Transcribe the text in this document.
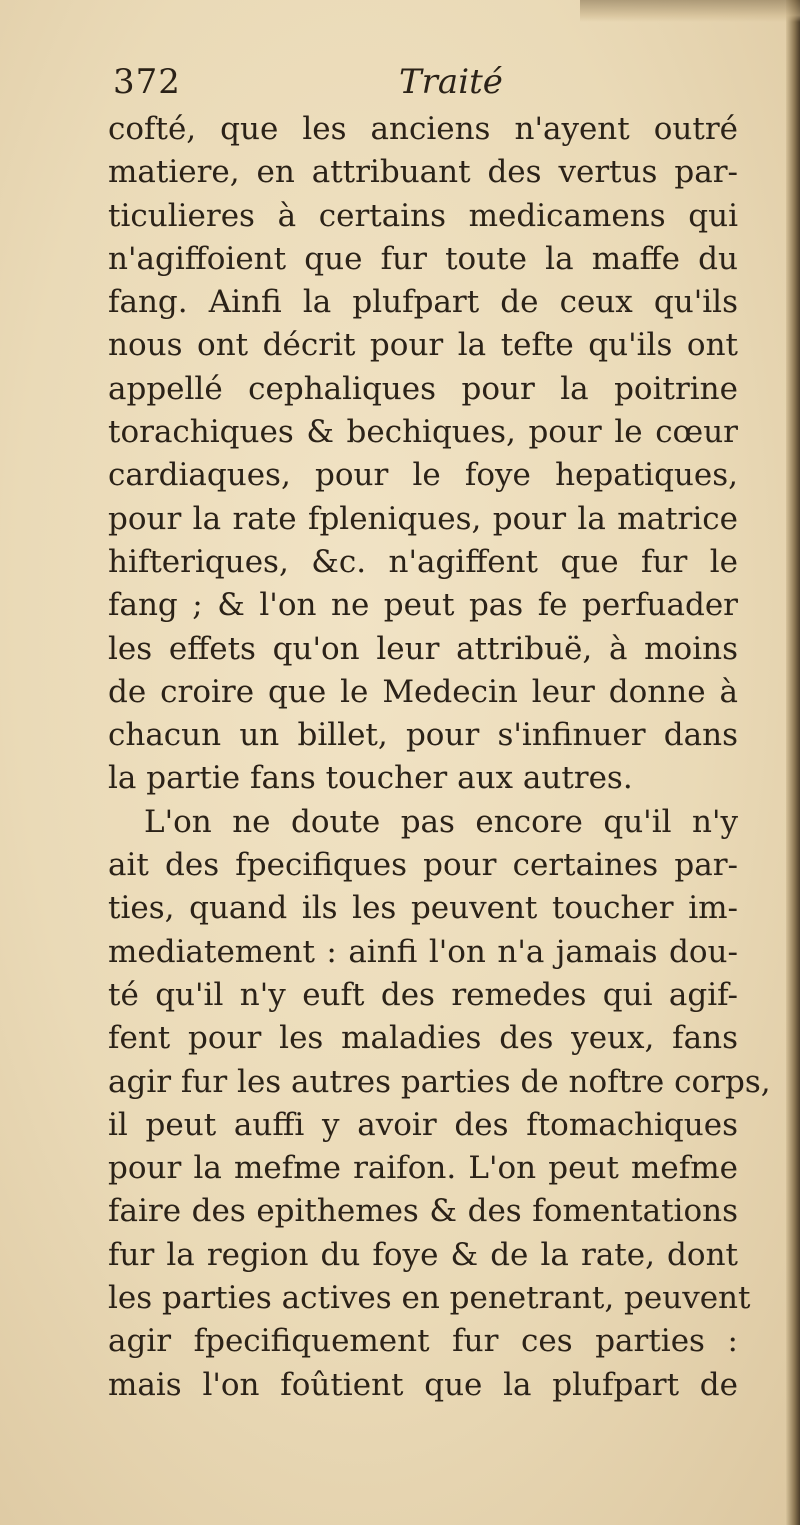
372	Traité
cofté, que les anciens n'ayent outré
matiere, en attribuant des vertus par-
ticulieres à certains medicamens qui
n'agiffoient que fur toute la maffe du
fang. Ainfi la plufpart de ceux qu'ils
nous ont décrit pour la tefte qu'ils ont
appellé cephaliques pour la poitrine
torachiques & bechiques, pour le cœur
cardiaques, pour le foye hepatiques,
pour la rate fpleniques, pour la matrice
hifteriques, &c. n'agiffent que fur le
fang ; & l'on ne peut pas fe perfuader
les effets qu'on leur attribuë, à moins
de croire que le Medecin leur donne à
chacun un billet, pour s'infinuer dans
la partie fans toucher aux autres.
L'on ne doute pas encore qu'il n'y
ait des fpecifiques pour certaines par-
ties, quand ils les peuvent toucher im-
mediatement : ainfi l'on n'a jamais dou-
té qu'il n'y euft des remedes qui agif-
fent pour les maladies des yeux, fans
agir fur les autres parties de noftre corps,
il peut auffi y avoir des ftomachiques
pour la mefme raifon. L'on peut mefme
faire des epithemes & des fomentations
fur la region du foye & de la rate, dont
les parties actives en penetrant, peuvent
agir fpecifiquement fur ces parties :
mais l'on foûtient que la plufpart de
